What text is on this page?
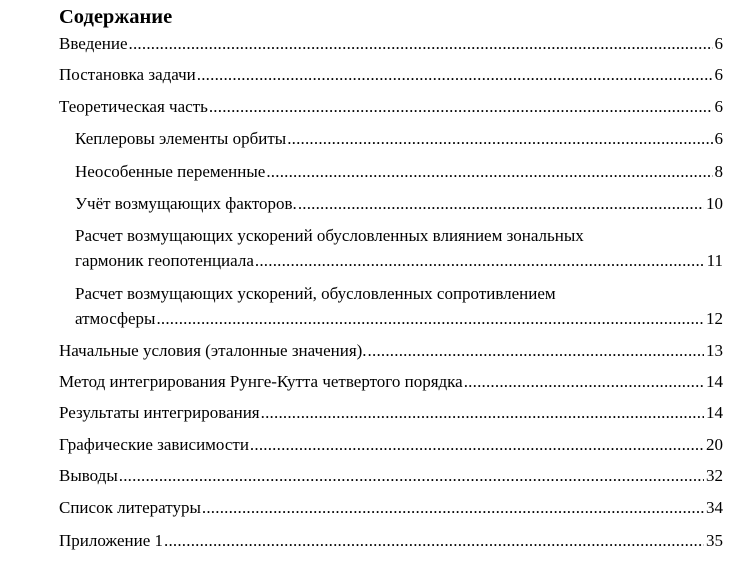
Содержание
Введение .....	6
Постановка задачи .....	6
Теоретическая часть .....	6
Кеплеровы элементы орбиты .....	6
Неособенные переменные .....	8
Учёт возмущающих факторов. .....	10
Расчет возмущающих ускорений обусловленных влиянием зональных
гармоник геопотенциала .....	11
Расчет возмущающих ускорений, обусловленных сопротивлением
атмосферы .....	12
Начальные условия (эталонные значения). .....	13
Метод интегрирования Рунге-Кутта четвертого порядка .....	14
Результаты интегрирования .....	14
Графические зависимости .....	20
Выводы .....	32
Список литературы .....	34
Приложение 1 .....	35
